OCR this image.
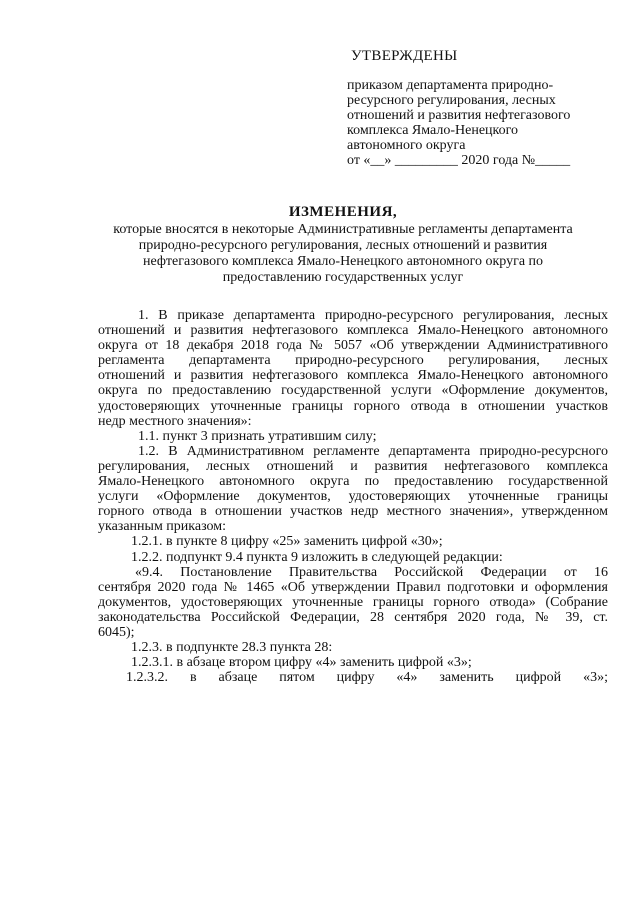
УТВЕРЖДЕНЫ
приказом департамента природно-
ресурсного регулирования, лесных
отношений и развития нефтегазового
комплекса Ямало-Ненецкого
автономного округа
от «__» _________ 2020 года №_____
ИЗМЕНЕНИЯ,
которые вносятся в некоторые Административные регламенты департамента
природно-ресурсного регулирования, лесных отношений и развития
нефтегазового комплекса Ямало-Ненецкого автономного округа по
предоставлению государственных услуг
1. В приказе департамента природно-ресурсного регулирования, лесных
отношений и развития нефтегазового комплекса Ямало-Ненецкого автономного
округа от 18 декабря 2018 года № 5057 «Об утверждении Административного
регламента департамента природно-ресурсного регулирования, лесных
отношений и развития нефтегазового комплекса Ямало-Ненецкого автономного
округа по предоставлению государственной услуги «Оформление документов,
удостоверяющих уточненные границы горного отвода в отношении участков
недр местного значения»:
1.1. пункт 3 признать утратившим силу;
1.2. В Административном регламенте департамента природно-ресурсного
регулирования, лесных отношений и развития нефтегазового комплекса
Ямало-Ненецкого автономного округа по предоставлению государственной
услуги «Оформление документов, удостоверяющих уточненные границы
горного отвода в отношении участков недр местного значения», утвержденном
указанным приказом:
1.2.1. в пункте 8 цифру «25» заменить цифрой «30»;
1.2.2. подпункт 9.4 пункта 9 изложить в следующей редакции:
«9.4. Постановление Правительства Российской Федерации от 16
сентября 2020 года № 1465 «Об утверждении Правил подготовки и оформления
документов, удостоверяющих уточненные границы горного отвода» (Собрание
законодательства Российской Федерации, 28 сентября 2020 года, № 39, ст.
6045);
1.2.3. в подпункте 28.3 пункта 28:
1.2.3.1. в абзаце втором цифру «4» заменить цифрой «3»;
1.2.3.2. в абзаце пятом цифру «4» заменить цифрой «3»;
